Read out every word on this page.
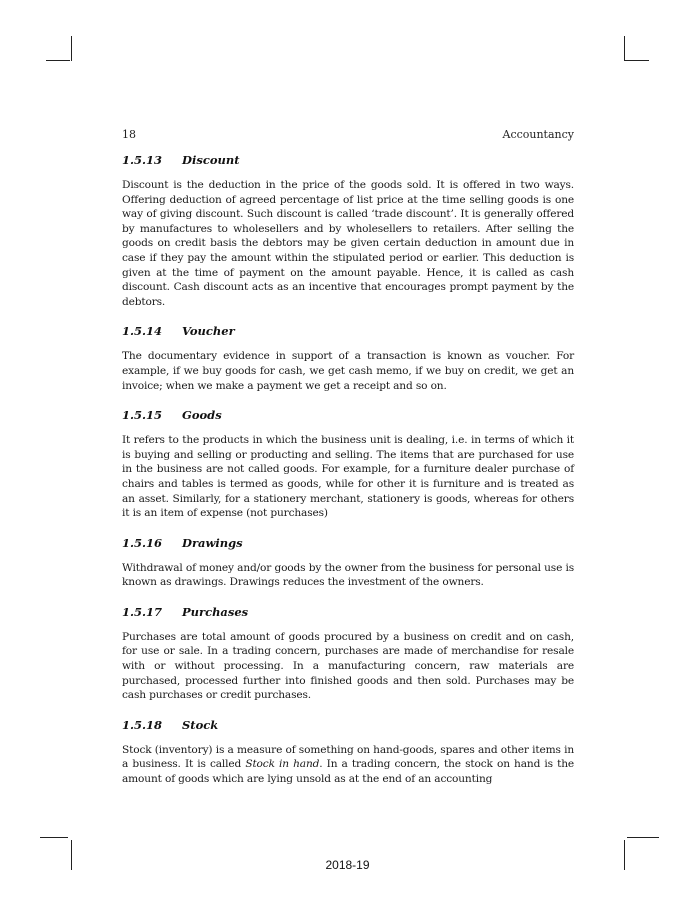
18	Accountancy
1.5.13 Discount

Discount is the deduction in the price of the goods sold. It is offered in two ways. Offering deduction of agreed percentage of list price at the time selling goods is one way of giving discount. Such discount is called ‘trade discount’. It is generally offered by manufactures to wholesellers and by wholesellers to retailers. After selling the goods on credit basis the debtors may be given certain deduction in amount due in case if they pay the amount within the stipulated period or earlier. This deduction is given at the time of payment on the amount payable. Hence, it is called as cash discount. Cash discount acts as an incentive that encourages prompt payment by the debtors.

1.5.14 Voucher

The documentary evidence in support of a transaction is known as voucher. For example, if we buy goods for cash, we get cash memo, if we buy on credit, we get an invoice; when we make a payment we get a receipt and so on.

1.5.15 Goods

It refers to the products in which the business unit is dealing, i.e. in terms of which it is buying and selling or producting and selling. The items that are purchased for use in the business are not called goods. For example, for a furniture dealer purchase of chairs and tables is termed as goods, while for other it is furniture and is treated as an asset. Similarly, for a stationery merchant, stationery is goods, whereas for others it is an item of expense (not purchases)

1.5.16 Drawings

Withdrawal of money and/or goods by the owner from the business for personal use is known as drawings. Drawings reduces the investment of the owners.

1.5.17 Purchases

Purchases are total amount of goods procured by a business on credit and on cash, for use or sale. In a trading concern, purchases are made of merchandise for resale with or without processing. In a manufacturing concern, raw materials are purchased, processed further into finished goods and then sold. Purchases may be cash purchases or credit purchases.

1.5.18 Stock

Stock (inventory) is a measure of something on hand-goods, spares and other items in a business. It is called Stock in hand. In a trading concern, the stock on hand is the amount of goods which are lying unsold as at the end of an accounting

2018-19
